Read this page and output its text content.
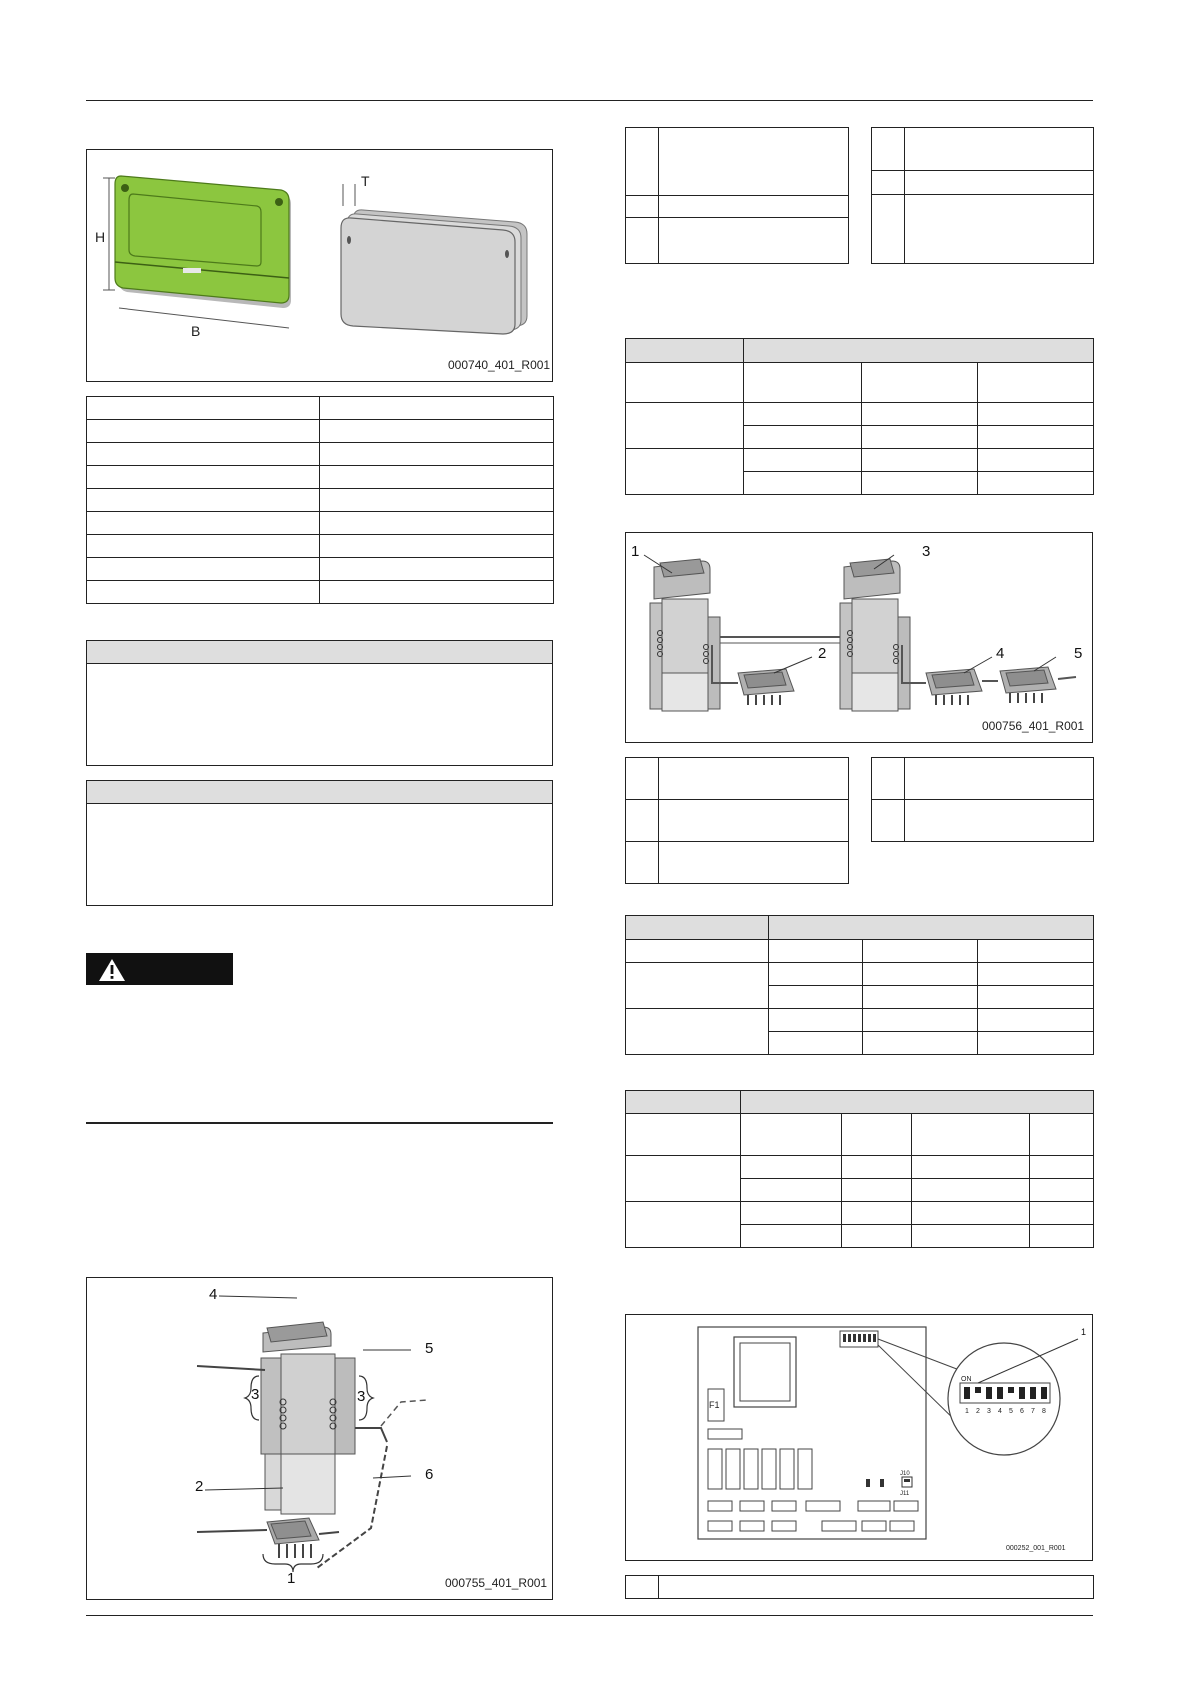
H
B
T
000740_401_R001

4
5
3	3
2
6
1	000755_401_R001

1	3
2	4	5
000756_401_R001

F1
J10
J11
ON
1 2 3 4 5 6 7 8
1
000252_001_R001
